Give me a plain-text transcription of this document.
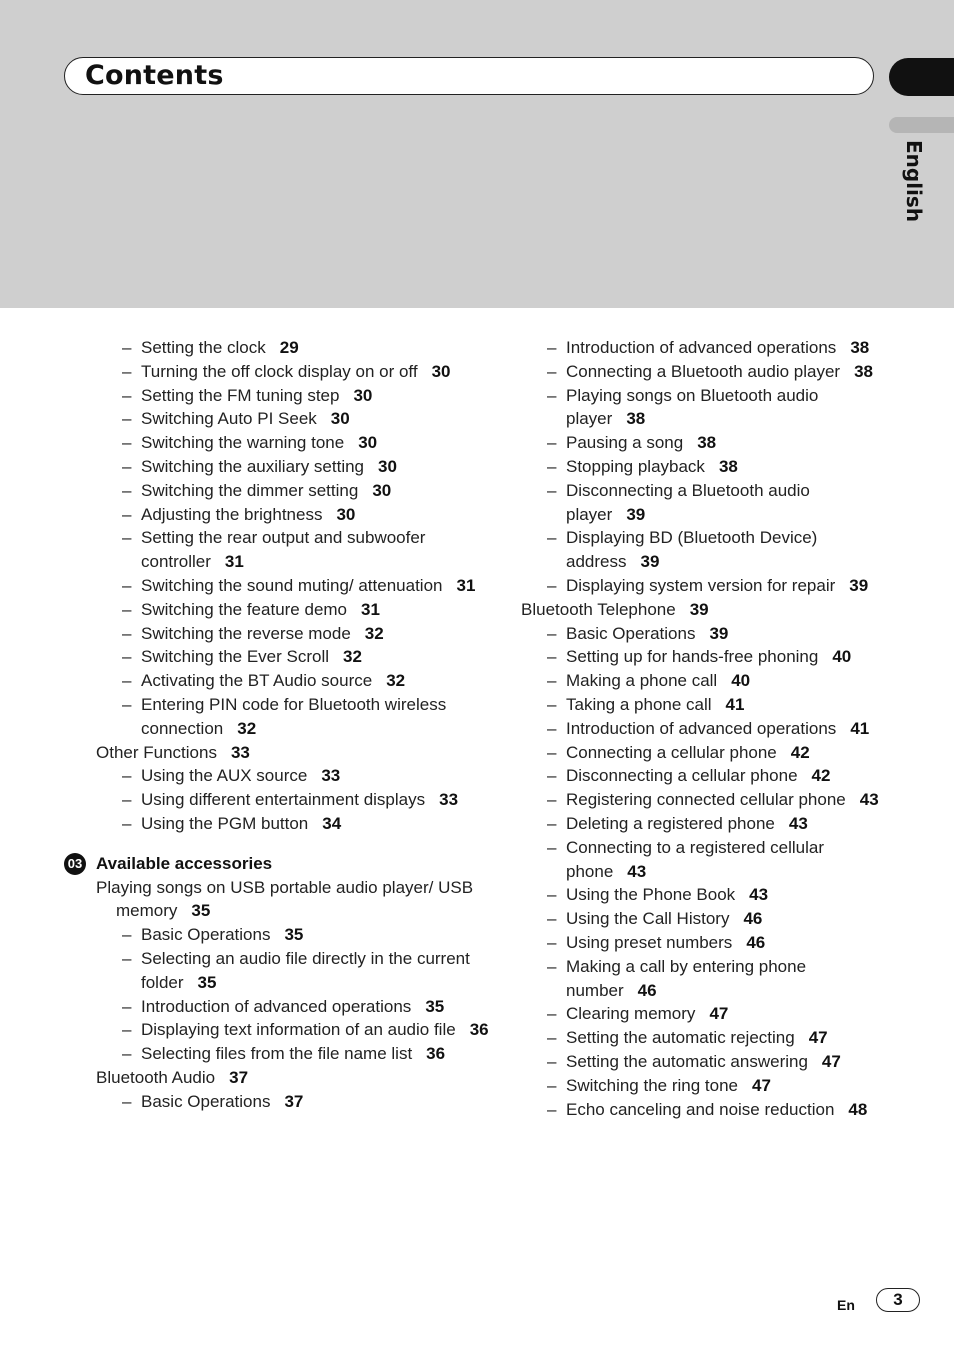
Contents
English
– Setting the clock 29
– Turning the off clock display on or off 30
– Setting the FM tuning step 30
– Switching Auto PI Seek 30
– Switching the warning tone 30
– Switching the auxiliary setting 30
– Switching the dimmer setting 30
– Adjusting the brightness 30
– Setting the rear output and subwoofer controller 31
– Switching the sound muting/ attenuation 31
– Switching the feature demo 31
– Switching the reverse mode 32
– Switching the Ever Scroll 32
– Activating the BT Audio source 32
– Entering PIN code for Bluetooth wireless connection 32
Other Functions 33
– Using the AUX source 33
– Using different entertainment displays 33
– Using the PGM button 34
03 Available accessories
Playing songs on USB portable audio player/ USB memory 35
– Basic Operations 35
– Selecting an audio file directly in the current folder 35
– Introduction of advanced operations 35
– Displaying text information of an audio file 36
– Selecting files from the file name list 36
Bluetooth Audio 37
– Basic Operations 37
– Introduction of advanced operations 38
– Connecting a Bluetooth audio player 38
– Playing songs on Bluetooth audio player 38
– Pausing a song 38
– Stopping playback 38
– Disconnecting a Bluetooth audio player 39
– Displaying BD (Bluetooth Device) address 39
– Displaying system version for repair 39
Bluetooth Telephone 39
– Basic Operations 39
– Setting up for hands-free phoning 40
– Making a phone call 40
– Taking a phone call 41
– Introduction of advanced operations 41
– Connecting a cellular phone 42
– Disconnecting a cellular phone 42
– Registering connected cellular phone 43
– Deleting a registered phone 43
– Connecting to a registered cellular phone 43
– Using the Phone Book 43
– Using the Call History 46
– Using preset numbers 46
– Making a call by entering phone number 46
– Clearing memory 47
– Setting the automatic rejecting 47
– Setting the automatic answering 47
– Switching the ring tone 47
– Echo canceling and noise reduction 48
En	3
